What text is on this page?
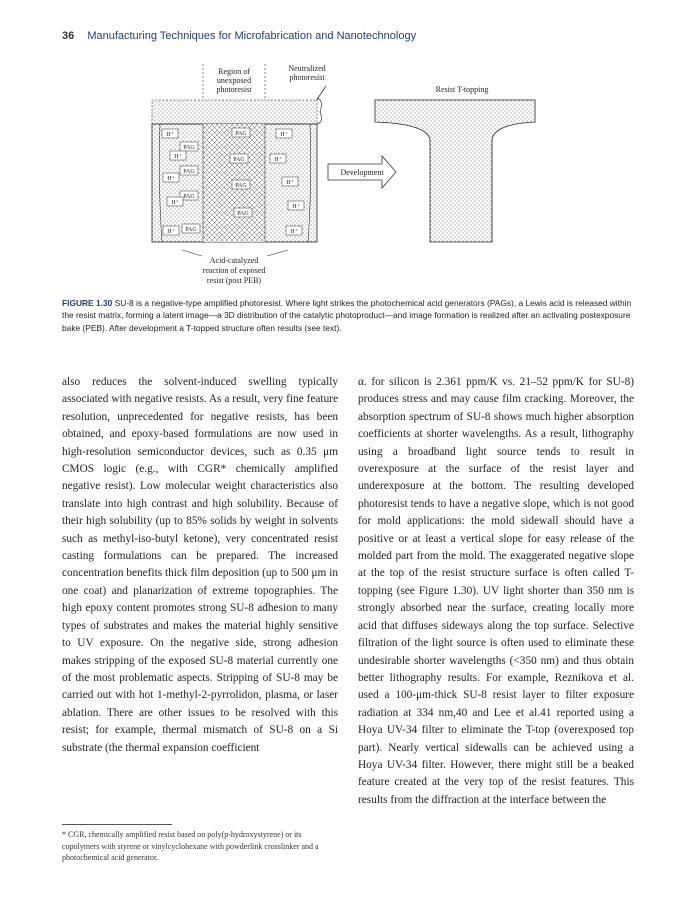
36 Manufacturing Techniques for Microfabrication and Nanotechnology
Region of
unexposed
photoresist
Neutralized
photoresist
H⁺	H⁺
PAG
PAG
H⁺	PAG	H⁺
PAG
H⁺
H⁺
PAG
PAG
H⁺
H⁺
PAG
PAG
H⁺	H⁺
Acid-catalyzed
reaction of exposed
resist (post PEB)
Development
Resist T-topping
FIGURE 1.30 SU-8 is a negative-type amplified photoresist. Where light strikes the photochemical acid generators (PAGs), a Lewis acid is released within the resist matrix, forming a latent image—a 3D distribution of the catalytic photoproduct—and image formation is realized after an activating postexposure bake (PEB). After development a T-topped structure often results (see text).

also reduces the solvent-induced swelling typically associated with negative resists. As a result, very fine feature resolution, unprecedented for negative resists, has been obtained, and epoxy-based formulations are now used in high-resolution semiconductor devices, such as 0.35 μm CMOS logic (e.g., with CGR* chemically amplified negative resist). Low molecular weight characteristics also translate into high contrast and high solubility. Because of their high solubility (up to 85% solids by weight in solvents such as methyl-iso-butyl ketone), very concentrated resist casting formulations can be prepared. The increased concentration benefits thick film deposition (up to 500 μm in one coat) and planarization of extreme topographies. The high epoxy content promotes strong SU-8 adhesion to many types of substrates and makes the material highly sensitive to UV exposure. On the negative side, strong adhesion makes stripping of the exposed SU-8 material currently one of the most problematic aspects. Stripping of SU-8 may be carried out with hot 1-methyl-2-pyrrolidon, plasma, or laser ablation. There are other issues to be resolved with this resist; for example, thermal mismatch of SU-8 on a Si substrate (the thermal expansion coefficient

* CGR, chemically amplified resist based on poly(p-hydroxystyrene) or its copolymers with styrene or vinylcyclohexane with powderlink crosslinker and a photochemical acid generator.

α. for silicon is 2.361 ppm/K vs. 21–52 ppm/K for SU-8) produces stress and may cause film cracking. Moreover, the absorption spectrum of SU-8 shows much higher absorption coefficients at shorter wavelengths. As a result, lithography using a broadband light source tends to result in overexposure at the surface of the resist layer and underexposure at the bottom. The resulting developed photoresist tends to have a negative slope, which is not good for mold applications: the mold sidewall should have a positive or at least a vertical slope for easy release of the molded part from the mold. The exaggerated negative slope at the top of the resist structure surface is often called T-topping (see Figure 1.30). UV light shorter than 350 nm is strongly absorbed near the surface, creating locally more acid that diffuses sideways along the top surface. Selective filtration of the light source is often used to eliminate these undesirable shorter wavelengths (<350 nm) and thus obtain better lithography results. For example, Reznikova et al. used a 100-μm-thick SU-8 resist layer to filter exposure radiation at 334 nm,40 and Lee et al.41 reported using a Hoya UV-34 filter to eliminate the T-top (overexposed top part). Nearly vertical sidewalls can be achieved using a Hoya UV-34 filter. However, there might still be a beaked feature created at the very top of the resist features. This results from the diffraction at the interface between the
